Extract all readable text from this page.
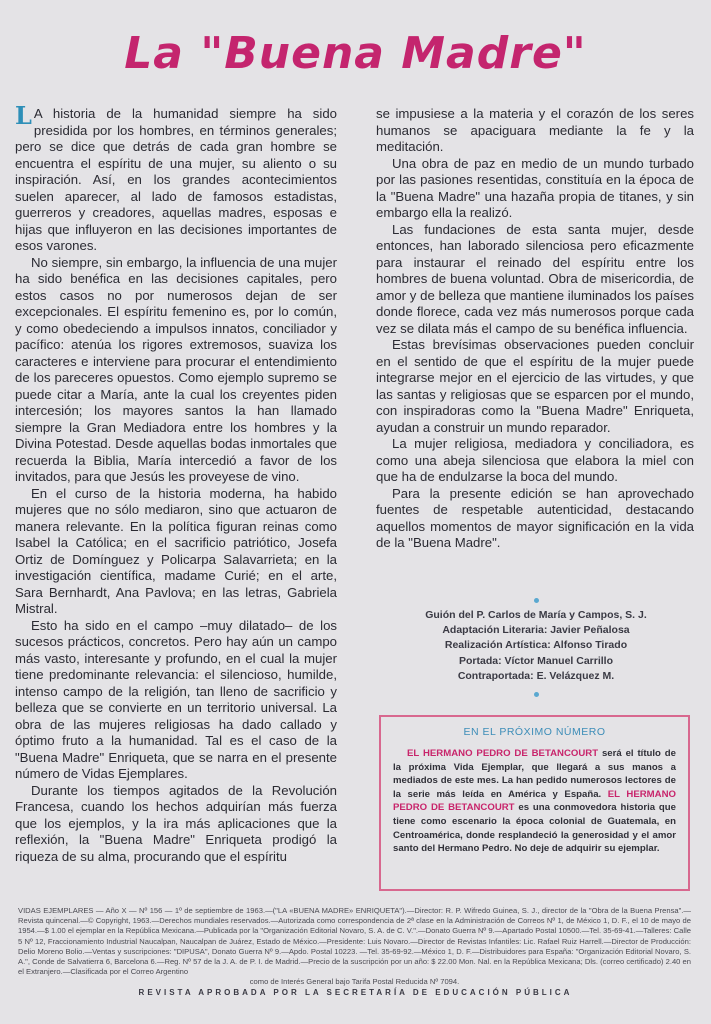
La "Buena Madre"

L A historia de la humanidad siempre ha sido presidida por los hombres, en términos generales; pero se dice que detrás de cada gran hombre se encuentra el espíritu de una mujer, su aliento o su inspiración. Así, en los grandes acontecimientos suelen aparecer, al lado de famosos estadistas, guerreros y creadores, aquellas madres, esposas e hijas que influyeron en las decisiones importantes de esos varones.

No siempre, sin embargo, la influencia de una mujer ha sido benéfica en las decisiones capitales, pero estos casos no por numerosos dejan de ser excepcionales. El espíritu femenino es, por lo común, y como obedeciendo a impulsos innatos, conciliador y pacífico: atenúa los rigores extremosos, suaviza los caracteres e interviene para procurar el entendimiento de los pareceres opuestos. Como ejemplo supremo se puede citar a María, ante la cual los creyentes piden intercesión; los mayores santos la han llamado siempre la Gran Mediadora entre los hombres y la Divina Potestad. Desde aquellas bodas inmortales que recuerda la Biblia, María intercedió a favor de los invitados, para que Jesús les proveyese de vino.

En el curso de la historia moderna, ha habido mujeres que no sólo mediaron, sino que actuaron de manera relevante. En la política figuran reinas como Isabel la Católica; en el sacrificio patriótico, Josefa Ortiz de Domínguez y Policarpa Salavarrieta; en la investigación científica, madame Curié; en el arte, Sara Bernhardt, Ana Pavlova; en las letras, Gabriela Mistral.

Esto ha sido en el campo –muy dilatado– de los sucesos prácticos, concretos. Pero hay aún un campo más vasto, interesante y profundo, en el cual la mujer tiene predominante relevancia: el silencioso, humilde, intenso campo de la religión, tan lleno de sacrificio y belleza que se convierte en un territorio universal. La obra de las mujeres religiosas ha dado callado y óptimo fruto a la humanidad. Tal es el caso de la "Buena Madre" Enriqueta, que se narra en el presente número de Vidas Ejemplares.

Durante los tiempos agitados de la Revolución Francesa, cuando los hechos adquirían más fuerza que los ejemplos, y la ira más aplicaciones que la reflexión, la "Buena Madre" Enriqueta prodigó la riqueza de su alma, procurando que el espíritu

se impusiese a la materia y el corazón de los seres humanos se apaciguara mediante la fe y la meditación.

Una obra de paz en medio de un mundo turbado por las pasiones resentidas, constituía en la época de la "Buena Madre" una hazaña propia de titanes, y sin embargo ella la realizó.

Las fundaciones de esta santa mujer, desde entonces, han laborado silenciosa pero eficazmente para instaurar el reinado del espíritu entre los hombres de buena voluntad. Obra de misericordia, de amor y de belleza que mantiene iluminados los países donde florece, cada vez más numerosos porque cada vez se dilata más el campo de su benéfica influencia.

Estas brevísimas observaciones pueden concluir en el sentido de que el espíritu de la mujer puede integrarse mejor en el ejercicio de las virtudes, y que las santas y religiosas que se esparcen por el mundo, con inspiradoras como la "Buena Madre" Enriqueta, ayudan a construir un mundo reparador.

La mujer religiosa, mediadora y conciliadora, es como una abeja silenciosa que elabora la miel con que ha de endulzarse la boca del mundo.

Para la presente edición se han aprovechado fuentes de respetable autenticidad, destacando aquellos momentos de mayor significación en la vida de la "Buena Madre".

Guión del P. Carlos de María y Campos, S. J.
Adaptación Literaria: Javier Peñalosa
Realización Artística: Alfonso Tirado
Portada: Víctor Manuel Carrillo
Contraportada: E. Velázquez M.
EN EL PRÓXIMO NÚMERO
EL HERMANO PEDRO DE BETANCOURT será el título de la próxima Vida Ejemplar, que llegará a sus manos a mediados de este mes. La han pedido numerosos lectores de la serie más leída en América y España. EL HERMANO PEDRO DE BETANCOURT es una conmovedora historia que tiene como escenario la época colonial de Guatemala, en Centroamérica, donde resplandeció la generosidad y el amor santo del Hermano Pedro. No deje de adquirir su ejemplar.
VIDAS EJEMPLARES — Año X — Nº 156 — 1º de septiembre de 1963.—("LA «BUENA MADRE» ENRIQUETA").—Director: R. P. Wifredo Guinea, S. J., director de la "Obra de la Buena Prensa".—Revista quincenal.—© Copyright, 1963.—Derechos mundiales reservados.—Autorizada como correspondencia de 2ª clase en la Administración de Correos Nº 1, de México 1, D. F., el 10 de mayo de 1954.—$ 1.00 el ejemplar en la República Mexicana.—Publicada por la "Organización Editorial Novaro, S. A. de C. V.".—Donato Guerra Nº 9.—Apartado Postal 10500.—Tel. 35-69-41.—Talleres: Calle 5 Nº 12, Fraccionamiento Industrial Naucalpan, Naucalpan de Juárez, Estado de México.—Presidente: Luis Novaro.—Director de Revistas Infantiles: Lic. Rafael Ruiz Harrell.—Director de Producción: Delio Moreno Bolio.—Ventas y suscripciones: "DIPUSA", Donato Guerra Nº 9.—Apdo. Postal 10223. —Tel. 35-69-92.—México 1, D. F.—Distribuidores para España: "Organización Editorial Novaro, S. A.", Conde de Salvatierra 6, Barcelona 6.—Reg. Nº 57 de la J. A. de P. I. de Madrid.—Precio de la suscripción por un año: $ 22.00 Mon. Nal. en la República Mexicana; Dls. (correo certificado) 2.40 en el Extranjero.—Clasificada por el Correo Argentino
como de Interés General bajo Tarifa Postal Reducida Nº 7094.
REVISTA APROBADA POR LA SECRETARÍA DE EDUCACIÓN PÚBLICA
